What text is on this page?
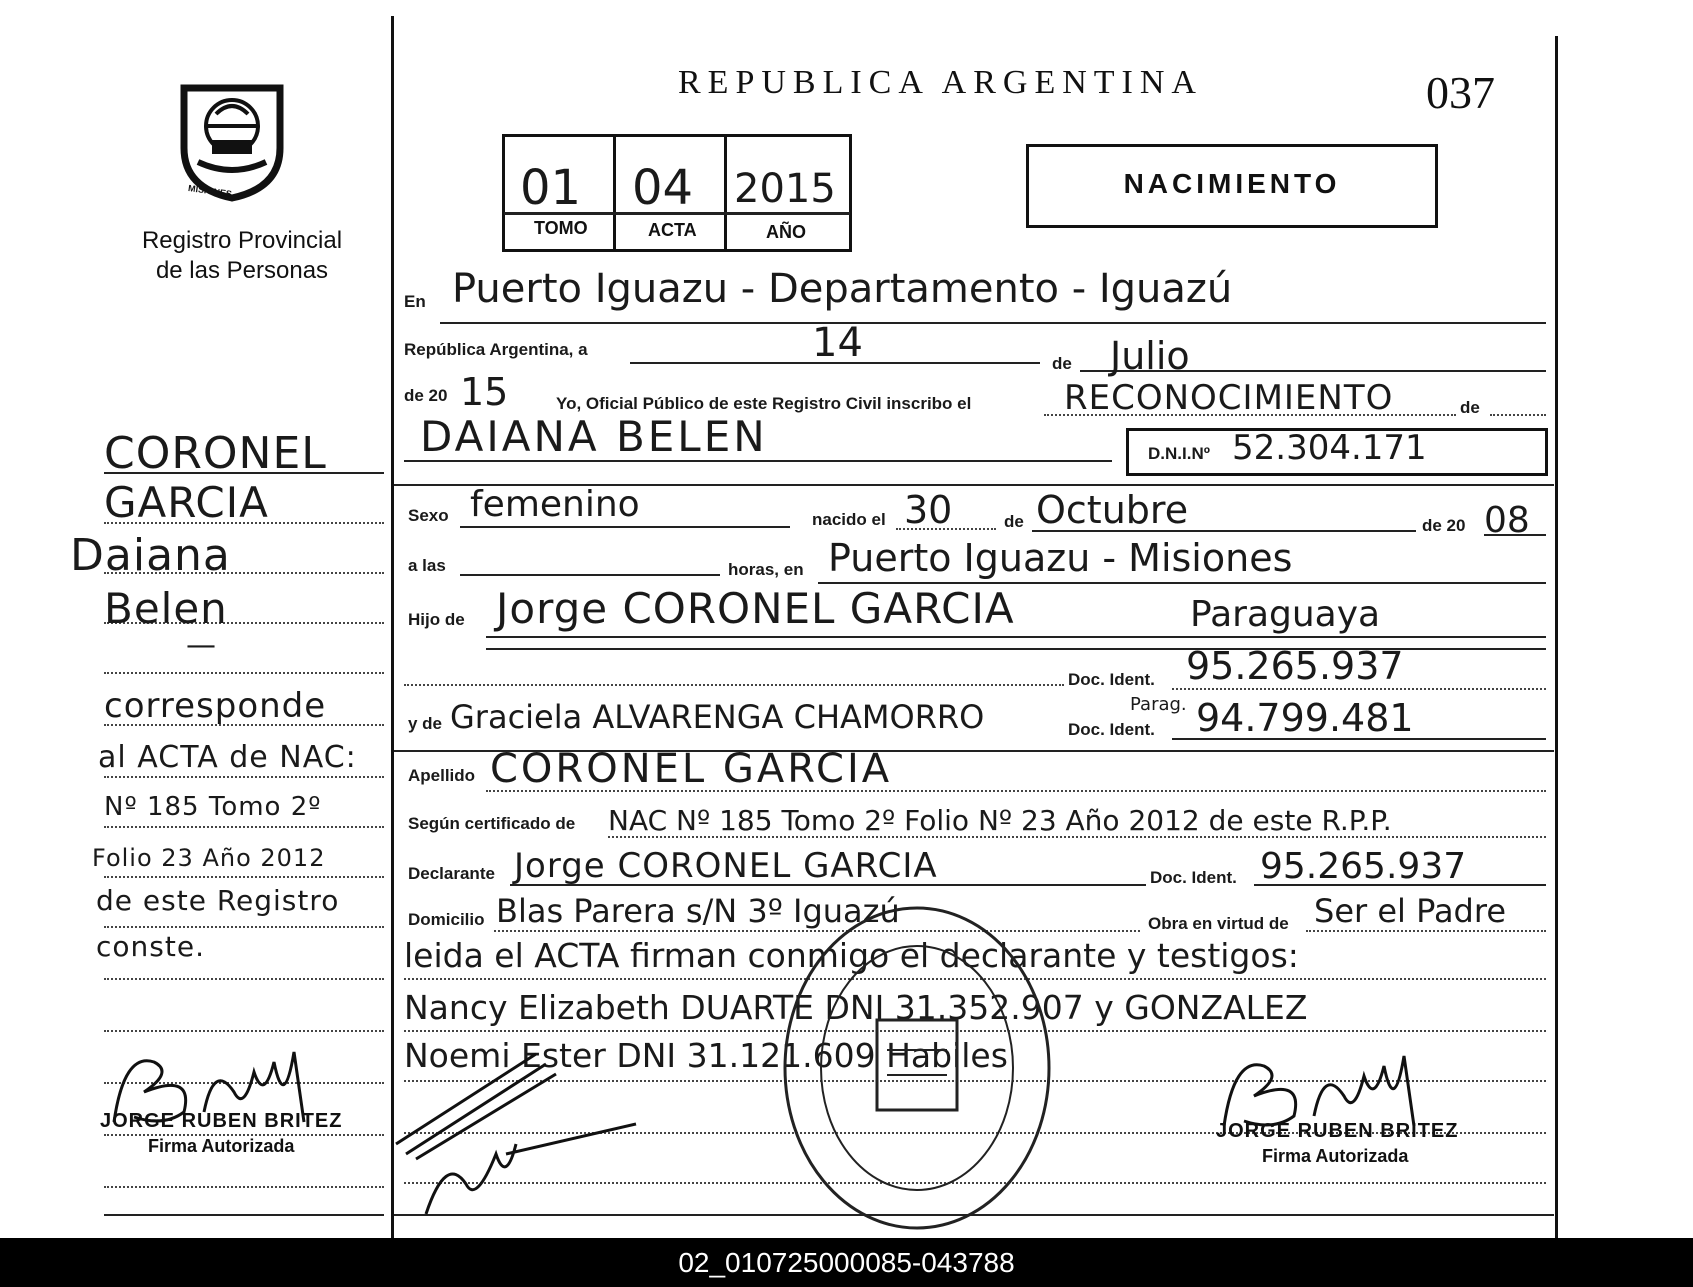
MISIONES
Registro Provincial
de las Personas
CORONEL
GARCIA
Daiana
Belen
—
corresponde
al ACTA de NAC:
Nº 185 Tomo 2º
Folio 23 Año 2012
de este Registro
conste.
JORGE RUBEN BRITEZ
Firma Autorizada
REPUBLICA ARGENTINA	037
01 04 2015
TOMO	ACTA	AÑO
NACIMIENTO
En Puerto Iguazu - Departamento - Iguazú
República Argentina, a	14	de Julio
de 20 15	Yo, Oficial Público de este Registro Civil inscribo el	RECONOCIMIENTO	de
DAIANA BELEN	D.N.I.Nº 52.304.171
Sexo femenino	nacido el 30	de Octubre	de 20 08
a las	horas, en Puerto Iguazu - Misiones
Hijo de Jorge CORONEL GARCIA	Paraguaya
Doc. Ident. 95.265.937
y de Graciela ALVARENGA CHAMORRO	Parag.
Doc. Ident. 94.799.481
Apellido CORONEL GARCIA
Según certificado de NAC Nº 185 Tomo 2º Folio Nº 23 Año 2012 de este R.P.P.
Declarante Jorge CORONEL GARCIA	Doc. Ident. 95.265.937
Domicilio Blas Parera s/N 3º Iguazú	Obra en virtud de Ser el Padre
leida el ACTA firman conmigo el declarante y testigos:
Nancy Elizabeth DUARTE DNI 31.352.907 y GONZALEZ
Noemi Ester DNI 31.121.609 Habiles
JORGE RUBEN BRITEZ
Firma Autorizada
02_010725000085-043788
